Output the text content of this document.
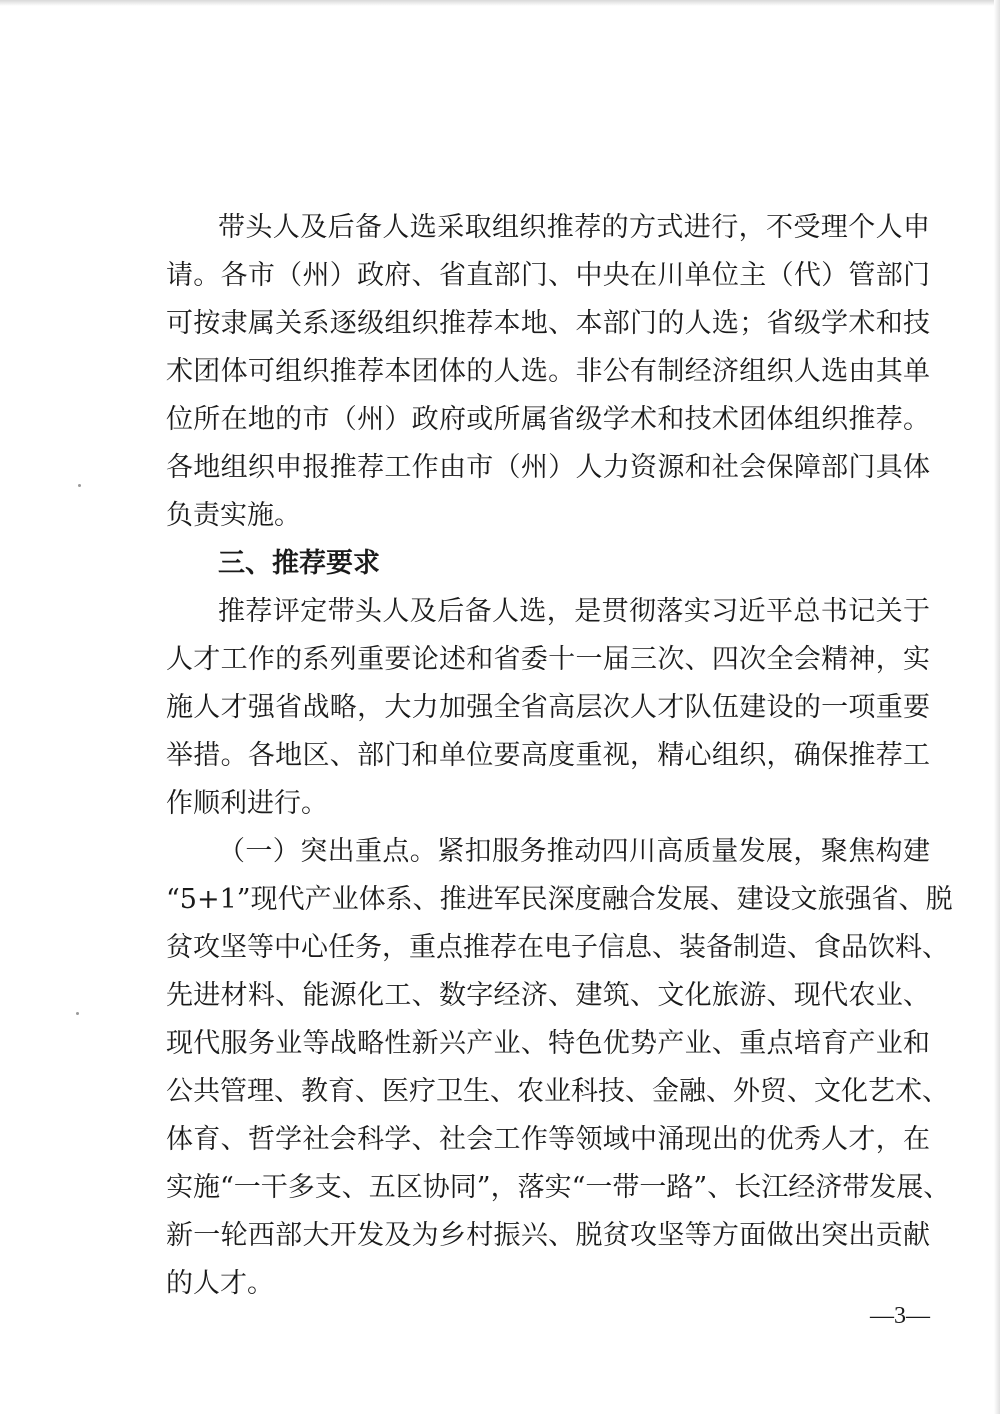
带头人及后备人选采取组织推荐的方式进行，不受理个人申
请。各市（州）政府、省直部门、中央在川单位主（代）管部门
可按隶属关系逐级组织推荐本地、本部门的人选；省级学术和技
术团体可组织推荐本团体的人选。非公有制经济组织人选由其单
位所在地的市（州）政府或所属省级学术和技术团体组织推荐。
各地组织申报推荐工作由市（州）人力资源和社会保障部门具体
负责实施。
三、推荐要求
推荐评定带头人及后备人选，是贯彻落实习近平总书记关于
人才工作的系列重要论述和省委十一届三次、四次全会精神，实
施人才强省战略，大力加强全省高层次人才队伍建设的一项重要
举措。各地区、部门和单位要高度重视，精心组织，确保推荐工
作顺利进行。
（一）突出重点。紧扣服务推动四川高质量发展，聚焦构建
“5+1”现代产业体系、推进军民深度融合发展、建设文旅强省、脱
贫攻坚等中心任务，重点推荐在电子信息、装备制造、食品饮料、
先进材料、能源化工、数字经济、建筑、文化旅游、现代农业、
现代服务业等战略性新兴产业、特色优势产业、重点培育产业和
公共管理、教育、医疗卫生、农业科技、金融、外贸、文化艺术、
体育、哲学社会科学、社会工作等领域中涌现出的优秀人才，在
实施“一干多支、五区协同”，落实“一带一路”、长江经济带发展、
新一轮西部大开发及为乡村振兴、脱贫攻坚等方面做出突出贡献
的人才。
—3—
